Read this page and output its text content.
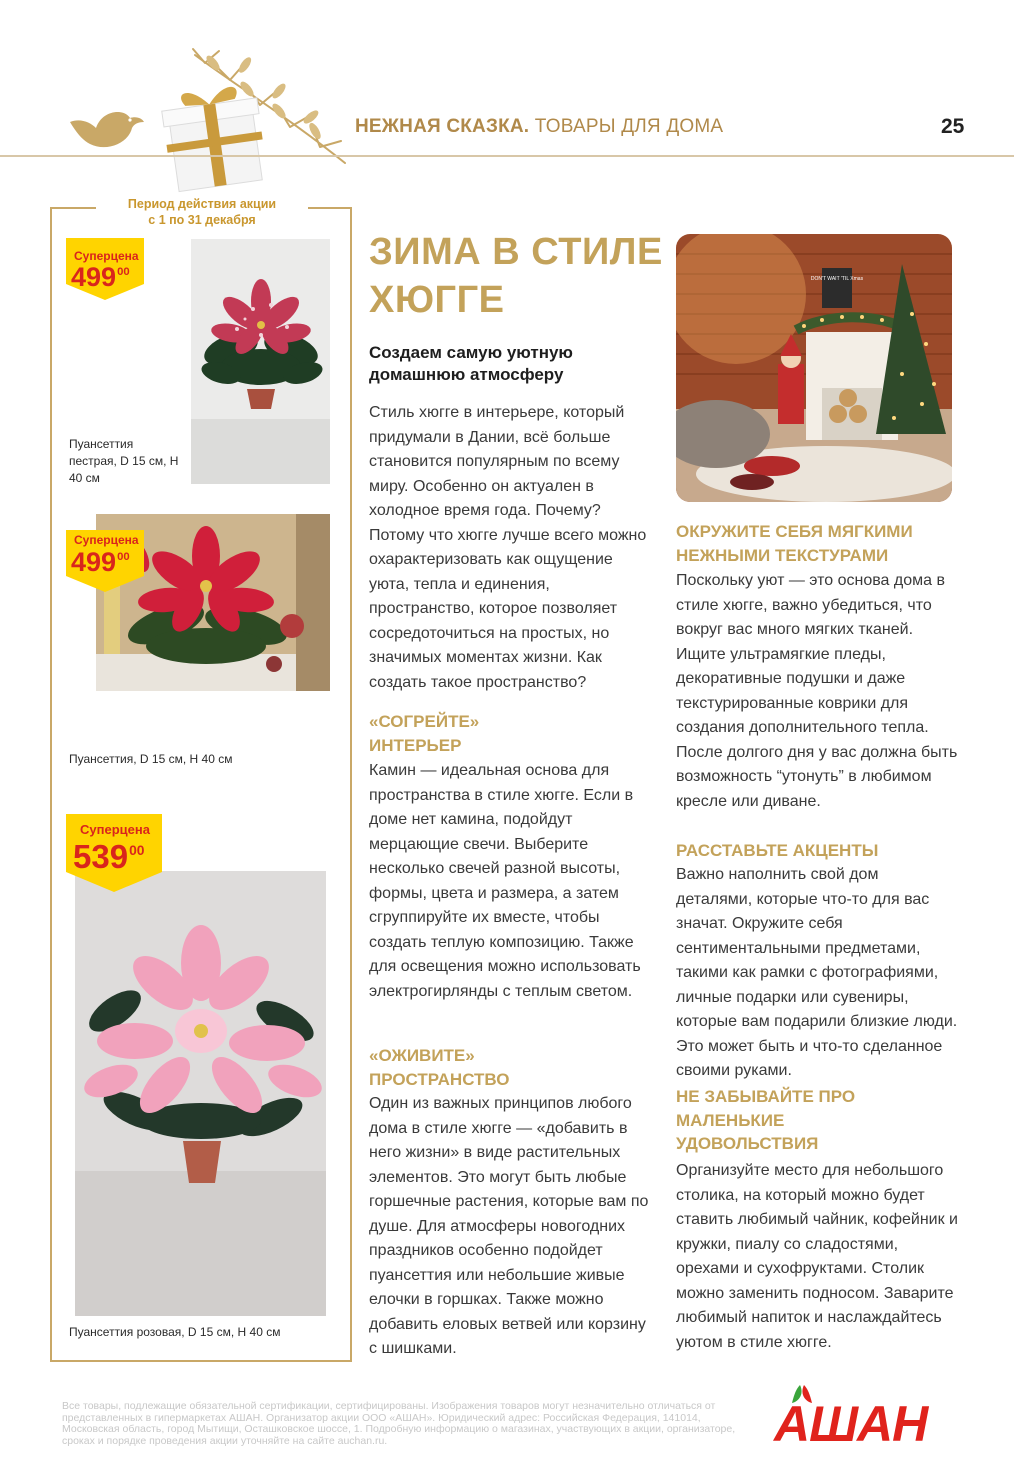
НЕЖНАЯ СКАЗКА. ТОВАРЫ ДЛЯ ДОМА	25
Период действия акции
с 1 по 31 декабря
Суперцена
$499^{00}$
Пуансеттия пестрая, D 15 см, H 40 см
Суперцена
$499^{00}$
Пуансеттия, D 15 см, H 40 см
Суперцена
$539^{00}$
Пуансеттия розовая, D 15 см, H 40 см
ЗИМА В СТИЛЕ ХЮГГЕ
Создаем самую уютную домашнюю атмосферу
Стиль хюгге в интерьере, который придумали в Дании, всё больше становится популярным по всему миру. Особенно он актуален в холодное время года. Почему? Потому что хюгге лучше всего можно охарактеризовать как ощущение уюта, тепла и единения, пространство, которое позволяет сосредоточиться на простых, но значимых моментах жизни. Как создать такое пространство?
«СОГРЕЙТЕ» ИНТЕРЬЕР
Камин — идеальная основа для пространства в стиле хюгге. Если в доме нет камина, подойдут мерцающие свечи. Выберите несколько свечей разной высоты, формы, цвета и размера, а затем сгруппируйте их вместе, чтобы создать теплую композицию. Также для освещения можно использовать электрогирлянды с теплым светом.
«ОЖИВИТЕ» ПРОСТРАНСТВО
Один из важных принципов любого дома в стиле хюгге — «добавить в него жизни» в виде растительных элементов. Это могут быть любые горшечные растения, которые вам по душе. Для атмосферы новогодних праздников особенно подойдет пуансеттия или небольшие живые елочки в горшках. Также можно добавить еловых ветвей или корзину с шишками.
DON'T WAIT 'TIL Xmas
ОКРУЖИТЕ СЕБЯ МЯГКИМИ НЕЖНЫМИ ТЕКСТУРАМИ
Поскольку уют — это основа дома в стиле хюгге, важно убедиться, что вокруг вас много мягких тканей. Ищите ультрамягкие пледы, декоративные подушки и даже текстурированные коврики для создания дополнительного тепла. После долгого дня у вас должна быть возможность “утонуть” в любимом кресле или диване.
РАССТАВЬТЕ АКЦЕНТЫ
Важно наполнить свой дом деталями, которые что-то для вас значат. Окружите себя сентиментальными предметами, такими как рамки с фотографиями, личные подарки или сувениры, которые вам подарили близкие люди. Это может быть и что-то сделанное своими руками.
НЕ ЗАБЫВАЙТЕ ПРО МАЛЕНЬКИЕ УДОВОЛЬСТВИЯ
Организуйте место для небольшого столика, на который можно будет ставить любимый чайник, кофейник и кружки, пиалу со сладостями, орехами и сухофруктами. Столик можно заменить подносом. Заварите любимый напиток и наслаждайтесь уютом в стиле хюгге.
Все товары, подлежащие обязательной сертификации, сертифицированы. Изображения товаров могут незначительно отличаться от представленных в гипермаркетах АШАН. Организатор акции ООО «АШАН». Юридический адрес: Российская Федерация, 141014, Московская область, город Мытищи, Осташковское шоссе, 1. Подробную информацию о магазинах, участвующих в акции, организаторе, сроках и порядке проведения акции уточняйте на сайте auchan.ru.	АШАН
